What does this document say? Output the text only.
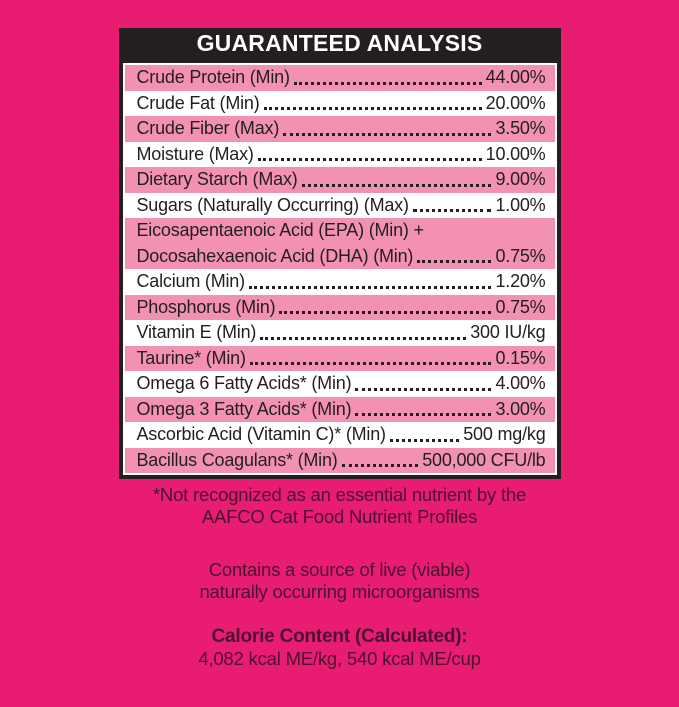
GUARANTEED ANALYSIS
Crude Protein (Min)	44.00%
Crude Fat (Min)	20.00%
Crude Fiber (Max)	3.50%
Moisture (Max)	10.00%
Dietary Starch (Max)	9.00%
Sugars (Naturally Occurring) (Max)	1.00%
Eicosapentaenoic Acid (EPA) (Min) +
Docosahexaenoic Acid (DHA) (Min)	0.75%
Calcium (Min)	1.20%
Phosphorus (Min)	0.75%
Vitamin E (Min)	300 IU/kg
Taurine* (Min)	0.15%
Omega 6 Fatty Acids* (Min)	4.00%
Omega 3 Fatty Acids* (Min)	3.00%
Ascorbic Acid (Vitamin C)* (Min)	500 mg/kg
Bacillus Coagulans* (Min)	500,000 CFU/lb
*Not recognized as an essential nutrient by the
AAFCO Cat Food Nutrient Profiles
Contains a source of live (viable)
naturally occurring microorganisms
Calorie Content (Calculated):
4,082 kcal ME/kg, 540 kcal ME/cup
